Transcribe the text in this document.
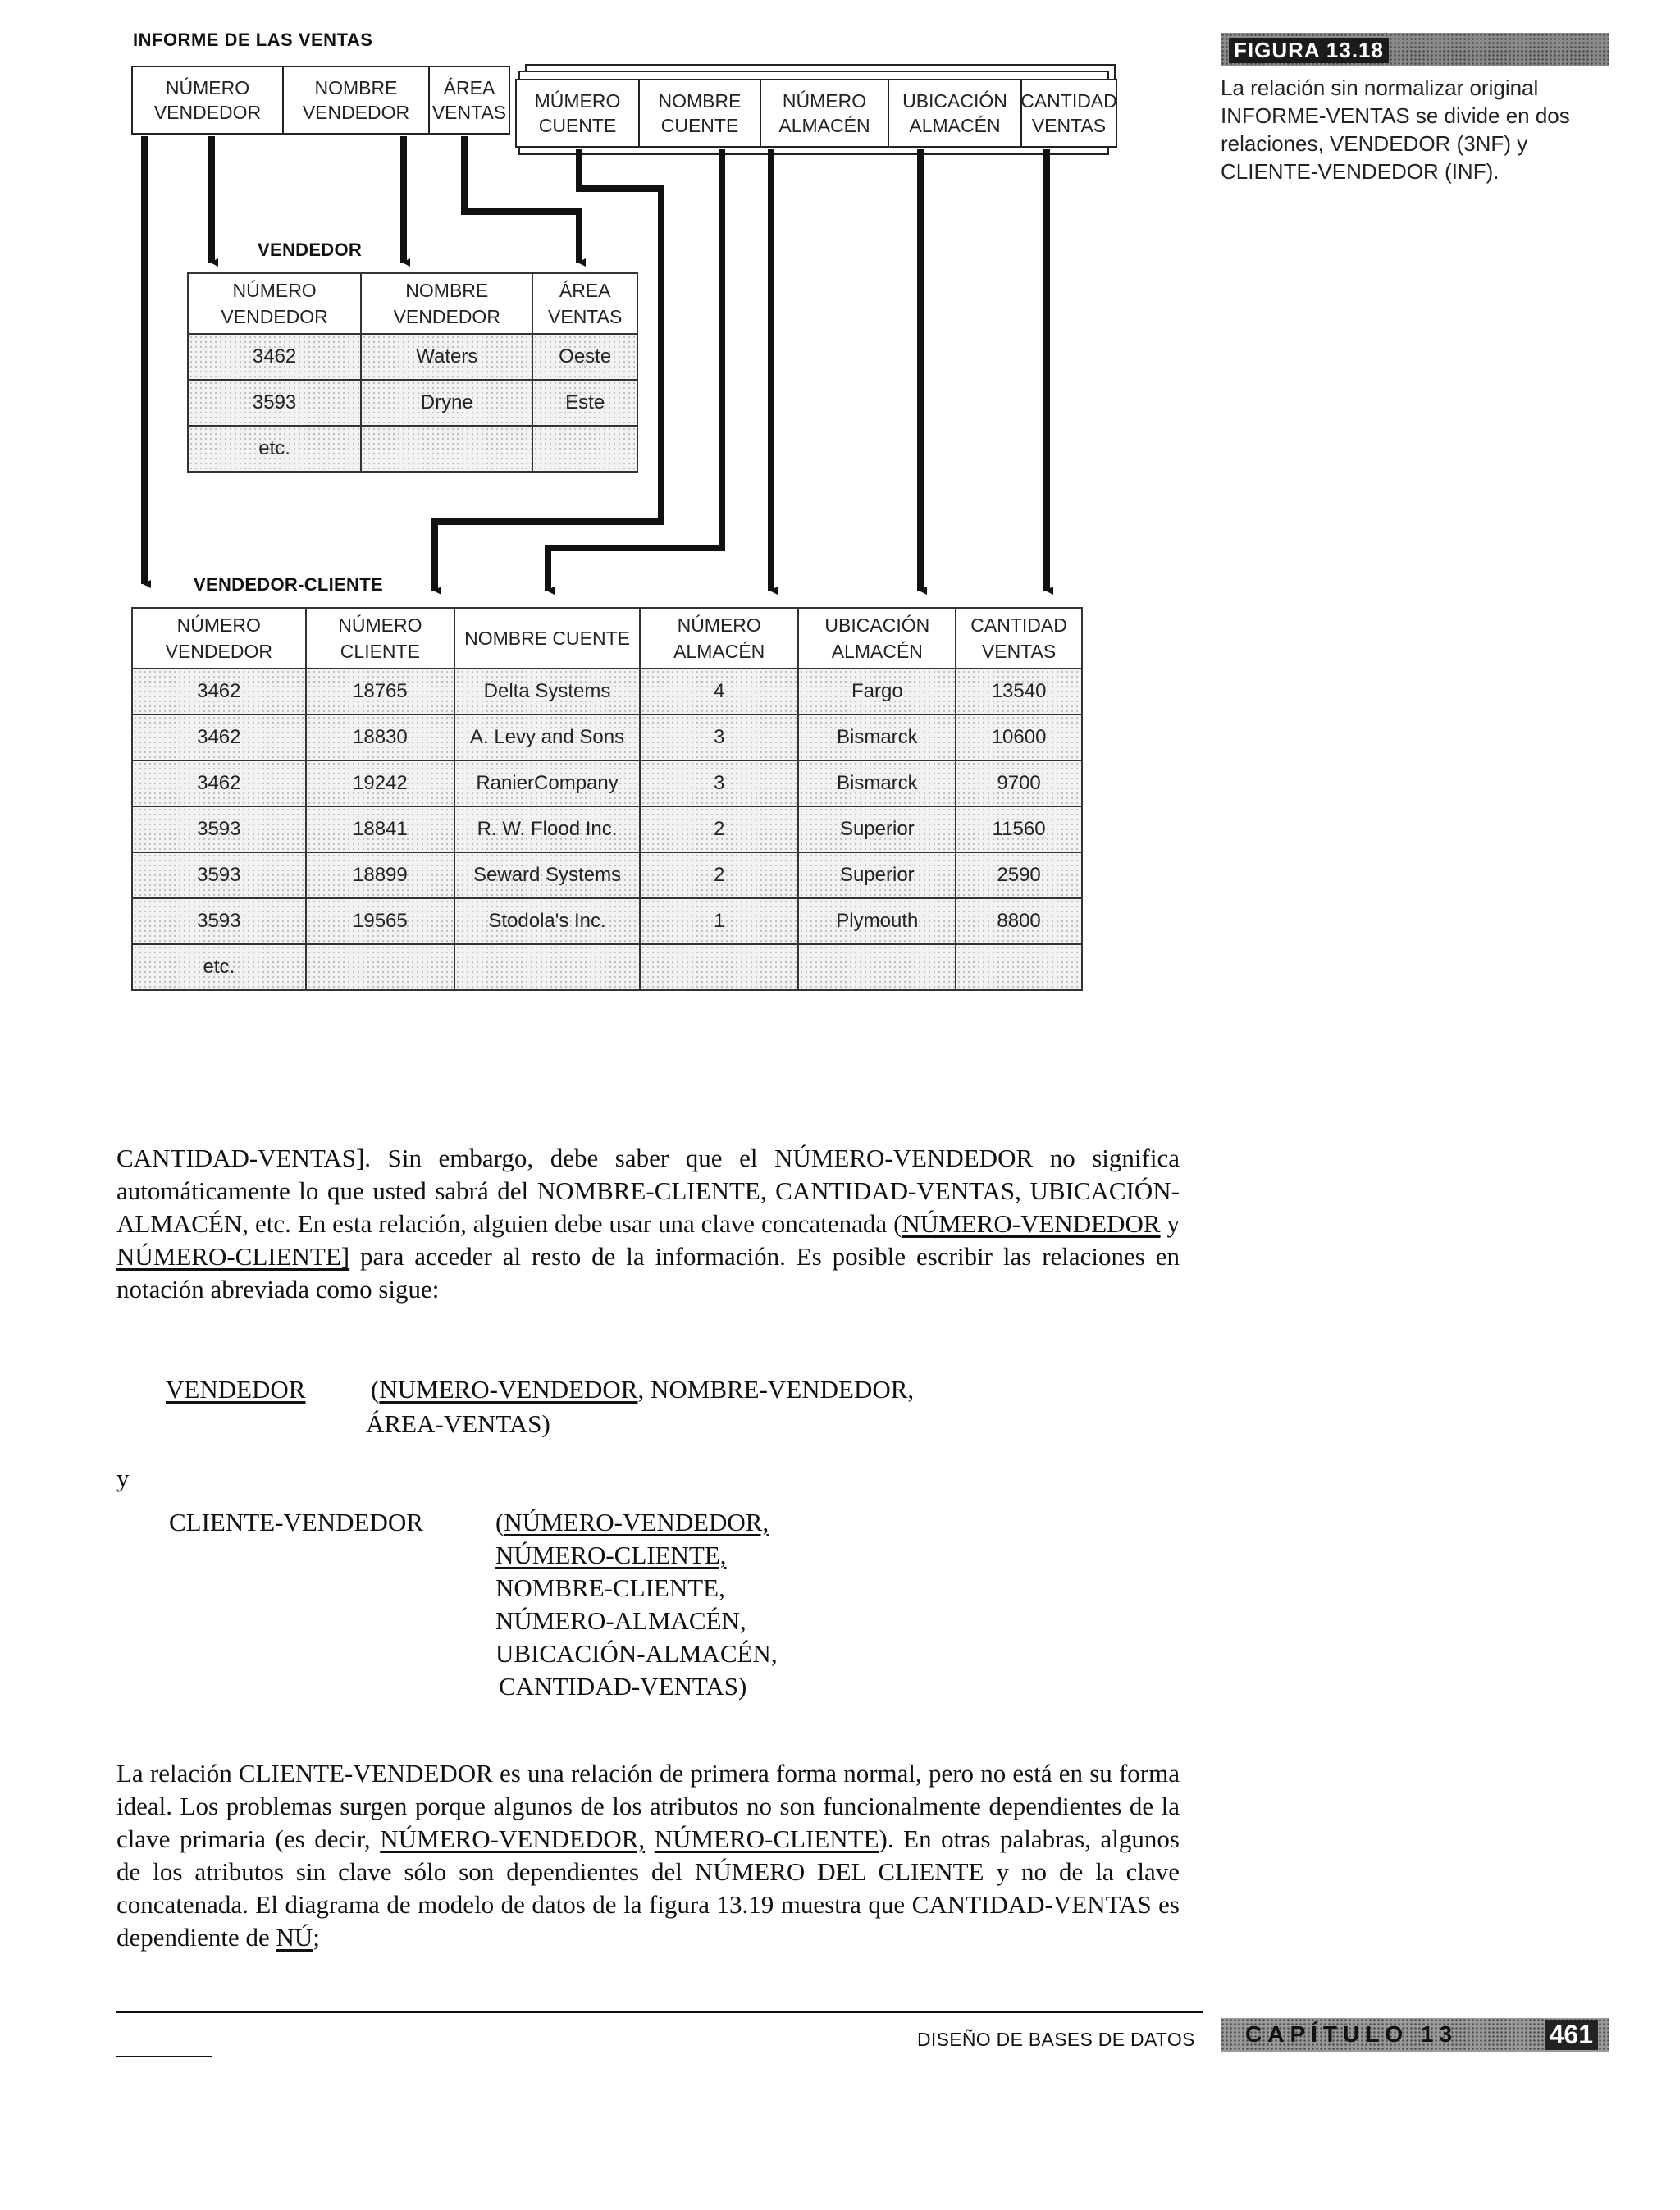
INFORME DE LAS VENTAS
NÚMERO VENDEDOR
NOMBRE VENDEDOR
ÁREA VENTAS
MÚMERO CUENTE
NOMBRE CUENTE
NÚMERO ALMACÉN
UBICACIÓN ALMACÉN
CANTIDAD VENTAS
VENDEDOR
NÚMERO VENDEDOR	NOMBRE VENDEDOR	ÁREA VENTAS
3462	Waters	Oeste
3593	Dryne	Este
etc.		
VENDEDOR-CLIENTE
NÚMERO VENDEDOR	NÚMERO CLIENTE	NOMBRE CUENTE	NÚMERO ALMACÉN	UBICACIÓN ALMACÉN	CANTIDAD VENTAS
3462	18765	Delta Systems	4	Fargo	13540
3462	18830	A. Levy and Sons	3	Bismarck	10600
3462	19242	RanierCompany	3	Bismarck	9700
3593	18841	R. W. Flood Inc.	2	Superior	11560
3593	18899	Seward Systems	2	Superior	2590
3593	19565	Stodola's Inc.	1	Plymouth	8800
etc.					
FIGURA 13.18
La relación sin normalizar original INFORME-VENTAS se divide en dos relaciones, VENDEDOR (3NF) y CLIENTE-VENDEDOR (INF).
CANTIDAD-VENTAS]. Sin embargo, debe saber que el NÚMERO-VENDEDOR no significa automáticamente lo que usted sabrá del NOMBRE-CLIENTE, CANTIDAD-VENTAS, UBICACIÓN-ALMACÉN, etc. En esta relación, alguien debe usar una clave concatenada (NÚMERO-VENDEDOR y NÚMERO-CLIENTE] para acceder al resto de la información. Es posible escribir las relaciones en notación abreviada como sigue:
VENDEDOR	(NUMERO-VENDEDOR, NOMBRE-VENDEDOR,
ÁREA-VENTAS)
y
CLIENTE-VENDEDOR	(NÚMERO-VENDEDOR,
NÚMERO-CLIENTE,
NOMBRE-CLIENTE,
NÚMERO-ALMACÉN,
UBICACIÓN-ALMACÉN,
CANTIDAD-VENTAS)
La relación CLIENTE-VENDEDOR es una relación de primera forma normal, pero no está en su forma ideal. Los problemas surgen porque algunos de los atributos no son funcionalmente dependientes de la clave primaria (es decir, NÚMERO-VENDEDOR, NÚMERO-CLIENTE). En otras palabras, algunos de los atributos sin clave sólo son dependientes del NÚMERO DEL CLIENTE y no de la clave concatenada. El diagrama de modelo de datos de la figura 13.19 muestra que CANTIDAD-VENTAS es dependiente de NÚ;
DISEÑO DE BASES DE DATOS CAPÍTULO 13	461
